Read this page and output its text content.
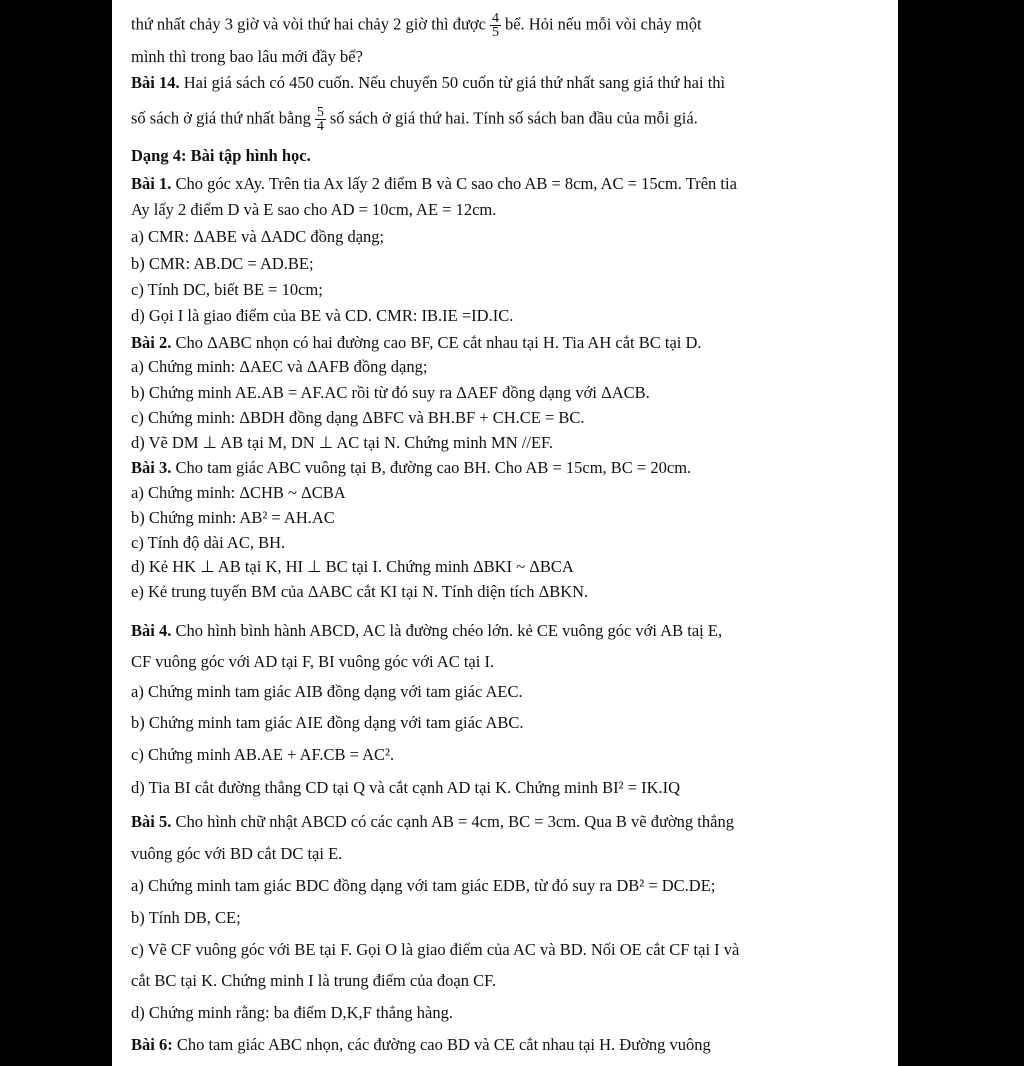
thứ nhất chảy 3 giờ và vòi thứ hai chảy 2 giờ thì được $\frac{4}{5}$ bể. Hỏi nếu mỗi vòi chảy một
mình thì trong bao lâu mới đầy bể?
Bài 14. Hai giá sách có 450 cuốn. Nếu chuyển 50 cuốn từ giá thứ nhất sang giá thứ hai thì
số sách ở giá thứ nhất bằng $\frac{5}{4}$ số sách ở giá thứ hai. Tính số sách ban đầu của mỗi giá.
Dạng 4: Bài tập hình học.
Bài 1. Cho góc xAy. Trên tia Ax lấy 2 điểm B và C sao cho AB = 8cm, AC = 15cm. Trên tia
Ay lấy 2 điểm D và E sao cho AD = 10cm, AE = 12cm.
a) CMR: ΔABE và ΔADC đồng dạng;
b) CMR: AB.DC = AD.BE;
c) Tính DC, biết BE = 10cm;
d) Gọi I là giao điểm của BE và CD. CMR: IB.IE =ID.IC.
Bài 2. Cho ΔABC nhọn có hai đường cao BF, CE cắt nhau tại H. Tia AH cắt BC tại D.
a) Chứng minh: ΔAEC và ΔAFB đồng dạng;
b) Chứng minh AE.AB = AF.AC rồi từ đó suy ra ΔAEF đồng dạng với ΔACB.
c) Chứng minh: ΔBDH đồng dạng ΔBFC và BH.BF + CH.CE = BC.
d) Vẽ DM ⊥ AB tại M, DN ⊥ AC tại N. Chứng minh MN //EF.
Bài 3. Cho tam giác ABC vuông tại B, đường cao BH. Cho AB = 15cm, BC = 20cm.
a) Chứng minh: ΔCHB ~ ΔCBA
b) Chứng minh: AB² = AH.AC
c) Tính độ dài AC, BH.
d) Kẻ HK ⊥ AB tại K, HI ⊥ BC tại I. Chứng minh ΔBKI ~ ΔBCA
e) Kẻ trung tuyến BM của ΔABC cắt KI tại N. Tính diện tích ΔBKN.
Bài 4. Cho hình bình hành ABCD, AC là đường chéo lớn. kẻ CE vuông góc với AB taị E,
CF vuông góc với AD tại F, BI vuông góc với AC tại I.
a) Chứng minh tam giác AIB đồng dạng với tam giác AEC.
b) Chứng minh tam giác AIE đồng dạng với tam giác ABC.
c) Chứng minh AB.AE + AF.CB = AC².
d) Tia BI cắt đường thẳng CD tại Q và cắt cạnh AD tại K. Chứng minh BI² = IK.IQ
Bài 5. Cho hình chữ nhật ABCD có các cạnh AB = 4cm, BC = 3cm. Qua B vẽ đường thẳng
vuông góc với BD cắt DC tại E.
a) Chứng minh tam giác BDC đồng dạng với tam giác EDB, từ đó suy ra DB² = DC.DE;
b) Tính DB, CE;
c) Vẽ CF vuông góc với BE tại F. Gọi O là giao điểm của AC và BD. Nối OE cắt CF tại I và
cắt BC tại K. Chứng minh I là trung điểm của đoạn CF.
d) Chứng minh rằng: ba điểm D,K,F thẳng hàng.
Bài 6: Cho tam giác ABC nhọn, các đường cao BD và CE cắt nhau tại H. Đường vuông
